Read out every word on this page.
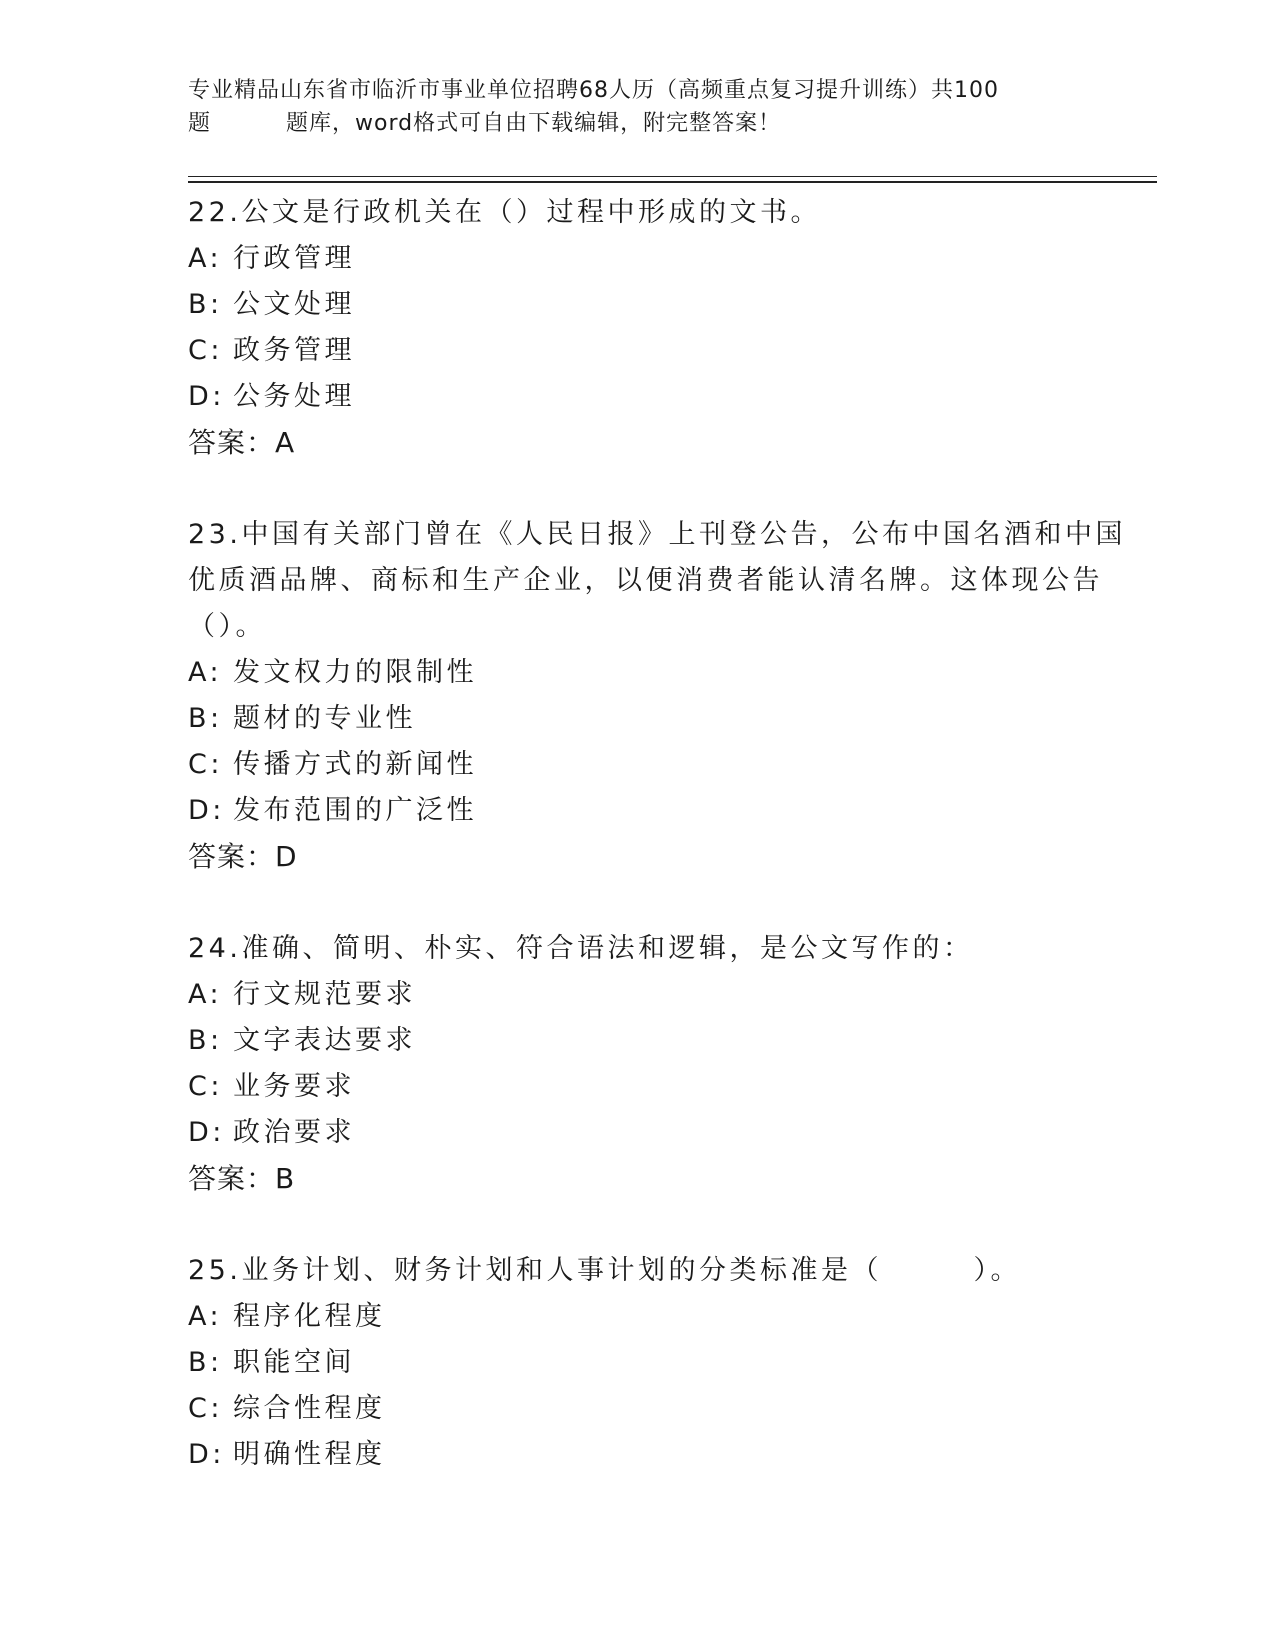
专业精品山东省市临沂市事业单位招聘68人历（高频重点复习提升训练）共100
题	题库，word格式可自由下载编辑，附完整答案！
22.公文是行政机关在（）过程中形成的文书。
A: 行政管理
B: 公文处理
C: 政务管理
D: 公务处理
答案：A
23.中国有关部门曾在《人民日报》上刊登公告，公布中国名酒和中国
优质酒品牌、商标和生产企业，以便消费者能认清名牌。这体现公告
（）。
A: 发文权力的限制性
B: 题材的专业性
C: 传播方式的新闻性
D: 发布范围的广泛性
答案：D
24.准确、简明、朴实、符合语法和逻辑，是公文写作的：
A: 行文规范要求
B: 文字表达要求
C: 业务要求
D: 政治要求
答案：B
25.业务计划、财务计划和人事计划的分类标准是（　　　）。
A: 程序化程度
B: 职能空间
C: 综合性程度
D: 明确性程度
